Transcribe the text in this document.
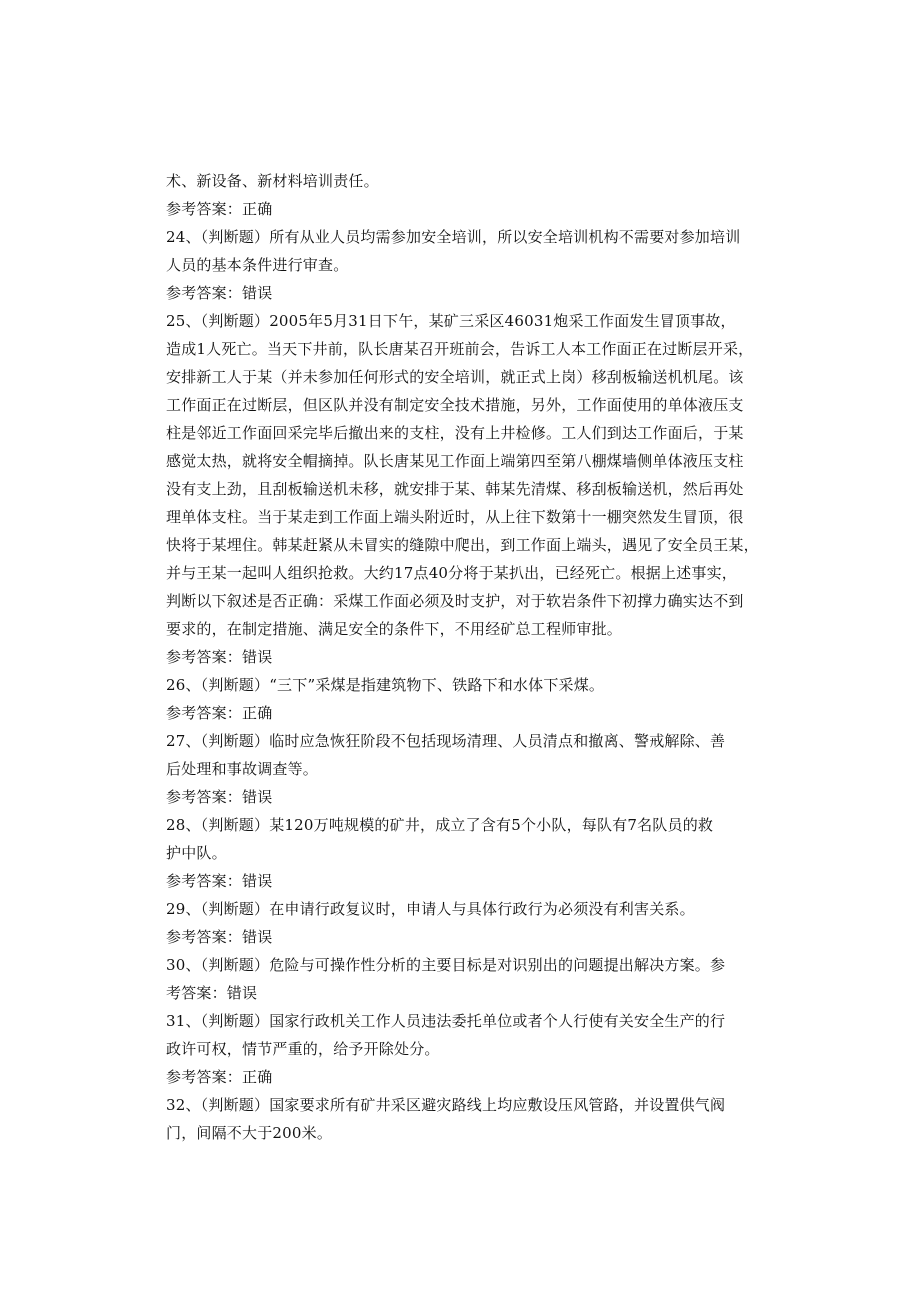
术、新设备、新材料培训责任。
参考答案：正确
24、（判断题）所有从业人员均需参加安全培训，所以安全培训机构不需要对参加培训
人员的基本条件进行审查。
参考答案：错误
25、（判断题）2005年5月31日下午，某矿三采区46031炮采工作面发生冒顶事故，
造成1人死亡。当天下井前，队长唐某召开班前会，告诉工人本工作面正在过断层开采，
安排新工人于某（并未参加任何形式的安全培训，就正式上岗）移刮板输送机机尾。该
工作面正在过断层，但区队并没有制定安全技术措施，另外，工作面使用的单体液压支
柱是邻近工作面回采完毕后撤出来的支柱，没有上井检修。工人们到达工作面后，于某
感觉太热，就将安全帽摘掉。队长唐某见工作面上端第四至第八棚煤墙侧单体液压支柱
没有支上劲，且刮板输送机未移，就安排于某、韩某先清煤、移刮板输送机，然后再处
理单体支柱。当于某走到工作面上端头附近时，从上往下数第十一棚突然发生冒顶，很
快将于某埋住。韩某赶紧从未冒实的缝隙中爬出，到工作面上端头，遇见了安全员王某，
并与王某一起叫人组织抢救。大约17点40分将于某扒出，已经死亡。根据上述事实，
判断以下叙述是否正确：采煤工作面必须及时支护，对于软岩条件下初撑力确实达不到
要求的，在制定措施、满足安全的条件下，不用经矿总工程师审批。
参考答案：错误
26、（判断题）“三下”采煤是指建筑物下、铁路下和水体下采煤。
参考答案：正确
27、（判断题）临时应急恢狂阶段不包括现场清理、人员清点和撤离、警戒解除、善
后处理和事故调查等。
参考答案：错误
28、（判断题）某120万吨规模的矿井，成立了含有5个小队，每队有7名队员的救
护中队。
参考答案：错误
29、（判断题）在申请行政复议时，申请人与具体行政行为必须没有利害关系。
参考答案：错误
30、（判断题）危险与可操作性分析的主要目标是对识别出的问题提出解决方案。参
考答案：错误
31、（判断题）国家行政机关工作人员违法委托单位或者个人行使有关安全生产的行
政许可权，情节严重的，给予开除处分。
参考答案：正确
32、（判断题）国家要求所有矿井采区避灾路线上均应敷设压风管路，并设置供气阀
门，间隔不大于200米。
